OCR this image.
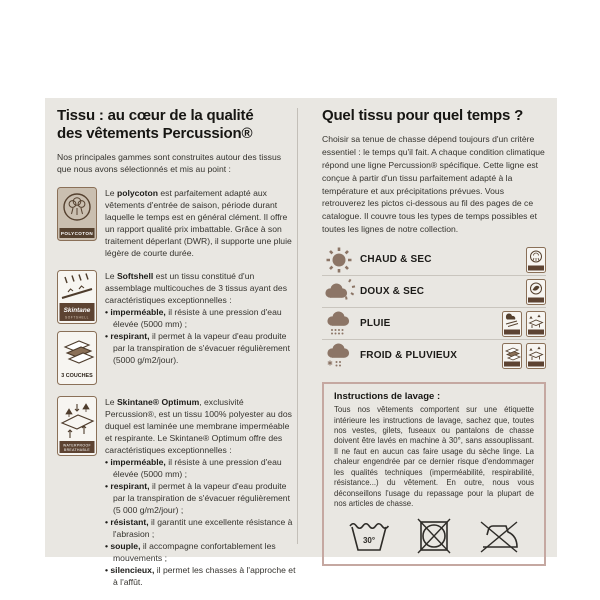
Tissu : au cœur de la qualité
des vêtements Percussion®
Nos principales gammes sont construites autour des tissus que nous avons sélectionnés et mis au point :
POLYCOTON

Le polycoton est parfaitement adapté aux vêtements d'entrée de saison, période durant laquelle le temps est en général clément. Il offre un rapport qualité prix imbattable. Grâce à son traitement déperlant (DWR), il supporte une pluie légère de courte durée.

Skintane
SOFTSHELL
3 COUCHES

Le Softshell est un tissu constitué d'un assemblage multicouches de 3 tissus ayant des caractéristiques exceptionnelles :

• imperméable, il résiste à une pression d'eau élevée (5000 mm) ;

• respirant, il permet à la vapeur d'eau produite par la transpiration de s'évacuer régulièrement (5000 g/m2/jour).

WATERPROOF
BREATHABLE

Le Skintane® Optimum, exclusivité Percussion®, est un tissu 100% polyester au dos duquel est laminée une membrane imperméable et respirante. Le Skintane® Optimum offre des caractéristiques exceptionnelles :

• imperméable, il résiste à une pression d'eau élevée (5000 mm) ;

• respirant, il permet à la vapeur d'eau produite par la transpiration de s'évacuer régulièrement (5 000 g/m2/jour) ;

• résistant, il garantit une excellente résistance à l'abrasion ;

• souple, il accompagne confortablement les mouvements ;

• silencieux, il permet les chasses à l'approche et à l'affût.

Quel tissu pour quel temps ?
Choisir sa tenue de chasse dépend toujours d'un critère essentiel : le temps qu'il fait. A chaque condition climatique répond une ligne Percussion® spécifique. Cette ligne est conçue à partir d'un tissu parfaitement adapté à la température et aux précipitations prévues. Vous retrouverez les pictos ci-dessous au fil des pages de ce catalogue. Il couvre tous les types de temps possibles et toutes les lignes de notre collection.
CHAUD & SEC
DOUX & SEC
PLUIE
FROID & PLUVIEUX
Instructions de lavage :
Tous nos vêtements comportent sur une étiquette intérieure les instructions de lavage, sachez que, toutes nos vestes, gilets, fuseaux ou pantalons de chasse doivent être lavés en machine à 30°, sans assouplissant. Il ne faut en aucun cas faire usage du sèche linge. La chaleur engendrée par ce dernier risque d'endommager les qualités techniques (imperméabilité, respirabilité, résistance...) du vêtement. En outre, nous vous déconseillons l'usage du repassage pour la plupart de nos articles de chasse.
30°
